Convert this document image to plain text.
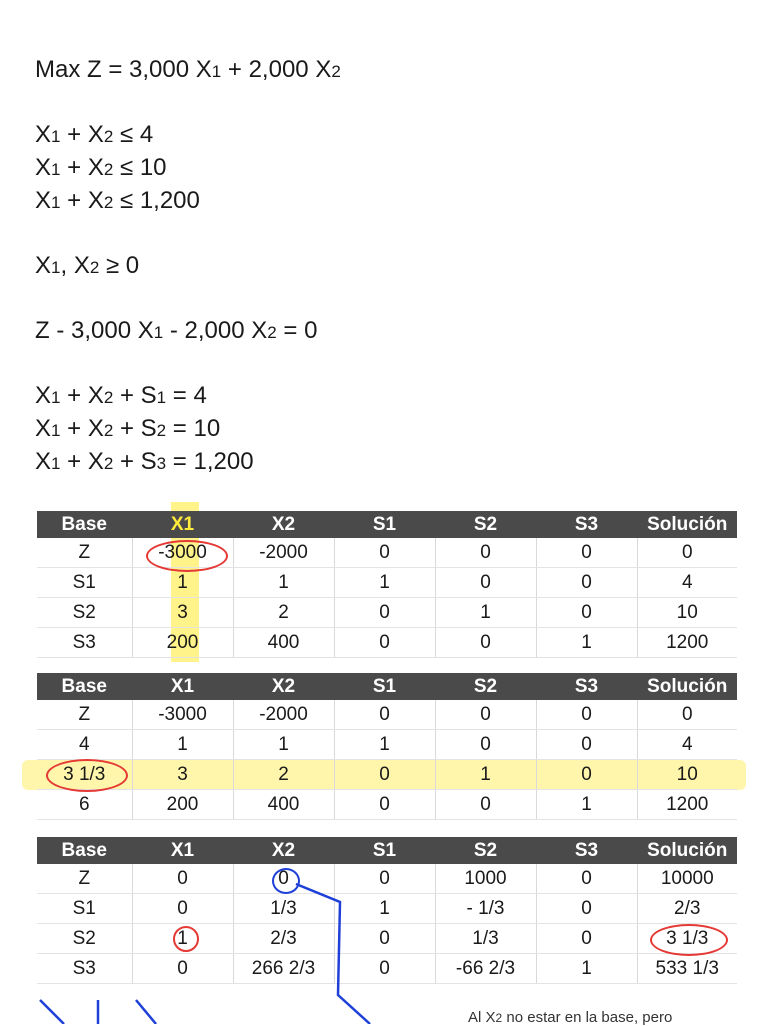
Max Z = 3,000 X1 + 2,000 X2
X1 + X2 ≤ 4
X1 + X2 ≤ 10
X1 + X2 ≤ 1,200
X1, X2 ≥ 0
Z - 3,000 X1 - 2,000 X2 = 0
X1 + X2 + S1 = 4
X1 + X2 + S2 = 10
X1 + X2 + S3 = 1,200
Base	X1	X2	S1	S2	S3	Solución
Z	-3000	-2000	0	0	0	0
S1	1	1	1	0	0	4
S2	3	2	0	1	0	10
S3	200	400	0	0	1	1200
Base	X1	X2	S1	S2	S3	Solución
Z	-3000	-2000	0	0	0	0
4	1	1	1	0	0	4
3 1/3	3	2	0	1	0	10
6	200	400	0	0	1	1200
Base	X1	X2	S1	S2	S3	Solución
Z	0	0	0	1000	0	10000
S1	0	1/3	1	- 1/3	0	2/3
S2	1	2/3	0	1/3	0	3 1/3
S3	0	266 2/3	0	-66 2/3	1	533 1/3
Al X2 no estar en la base, pero
